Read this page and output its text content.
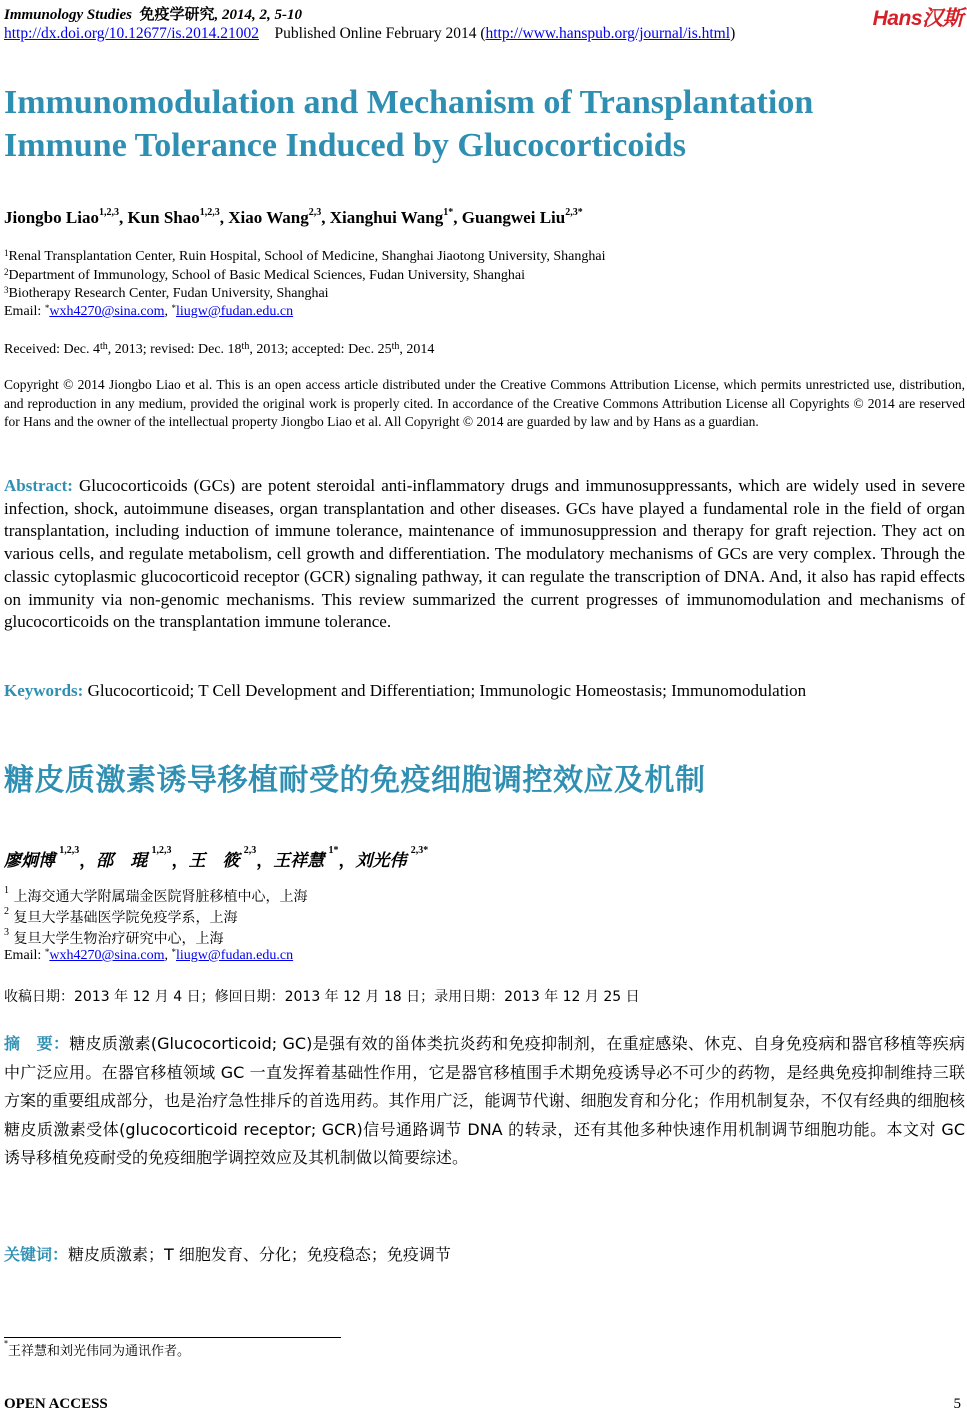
Immunology Studies 免疫学研究, 2014, 2, 5-10
http://dx.doi.org/10.12677/is.2014.21002 Published Online February 2014 (http://www.hanspub.org/journal/is.html)
Hans汉斯
Immunomodulation and Mechanism of Transplantation Immune Tolerance Induced by Glucocorticoids
Jiongbo Liao$^{1,2,3}$, Kun Shao$^{1,2,3}$, Xiao Wang$^{2,3}$, Xianghui Wang$^{1*}$, Guangwei Liu$^{2,3*}$
$^1$Renal Transplantation Center, Ruin Hospital, School of Medicine, Shanghai Jiaotong University, Shanghai
$^2$Department of Immunology, School of Basic Medical Sciences, Fudan University, Shanghai
$^3$Biotherapy Research Center, Fudan University, Shanghai
Email: *wxh4270@sina.com, *liugw@fudan.edu.cn
Received: Dec. 4th, 2013; revised: Dec. 18th, 2013; accepted: Dec. 25th, 2014
Copyright © 2014 Jiongbo Liao et al. This is an open access article distributed under the Creative Commons Attribution License, which permits unrestricted use, distribution, and reproduction in any medium, provided the original work is properly cited. In accordance of the Creative Commons Attribution License all Copyrights © 2014 are reserved for Hans and the owner of the intellectual property Jiongbo Liao et al. All Copyright © 2014 are guarded by law and by Hans as a guardian.
Abstract: Glucocorticoids (GCs) are potent steroidal anti-inflammatory drugs and immunosuppressants, which are widely used in severe infection, shock, autoimmune diseases, organ transplantation and other diseases. GCs have played a fundamental role in the field of organ transplantation, including induction of immune tolerance, maintenance of immunosuppression and therapy for graft rejection. They act on various cells, and regulate metabolism, cell growth and differentiation. The modulatory mechanisms of GCs are very complex. Through the classic cytoplasmic glucocorticoid receptor (GCR) signaling pathway, it can regulate the transcription of DNA. And, it also has rapid effects on immunity via non-genomic mechanisms. This review summarized the current progresses of immunomodulation and mechanisms of glucocorticoids on the transplantation immune tolerance.
Keywords: Glucocorticoid; T Cell Development and Differentiation; Immunologic Homeostasis; Immunomodulation
糖皮质激素诱导移植耐受的免疫细胞调控效应及机制
廖炯博 $^{1,2,3}$，邵　琨 $^{1,2,3}$，王　筱 $^{2,3}$，王祥慧 $^{1*}$，刘光伟 $^{2,3*}$
$^1$ 上海交通大学附属瑞金医院肾脏移植中心，上海
$^2$ 复旦大学基础医学院免疫学系，上海
$^3$ 复旦大学生物治疗研究中心，上海
Email: *wxh4270@sina.com, *liugw@fudan.edu.cn
收稿日期：2013 年 12 月 4 日；修回日期：2013 年 12 月 18 日；录用日期：2013 年 12 月 25 日
摘　要：糖皮质激素(Glucocorticoid; GC)是强有效的甾体类抗炎药和免疫抑制剂，在重症感染、休克、自身免疫病和器官移植等疾病中广泛应用。在器官移植领域 GC 一直发挥着基础性作用，它是器官移植围手术期免疫诱导必不可少的药物，是经典免疫抑制维持三联方案的重要组成部分，也是治疗急性排斥的首选用药。其作用广泛，能调节代谢、细胞发育和分化；作用机制复杂，不仅有经典的细胞核糖皮质激素受体(glucocorticoid receptor; GCR)信号通路调节 DNA 的转录，还有其他多种快速作用机制调节细胞功能。本文对 GC 诱导移植免疫耐受的免疫细胞学调控效应及其机制做以简要综述。
关键词：糖皮质激素；T 细胞发育、分化；免疫稳态；免疫调节
*王祥慧和刘光伟同为通讯作者。
OPEN ACCESS	5
